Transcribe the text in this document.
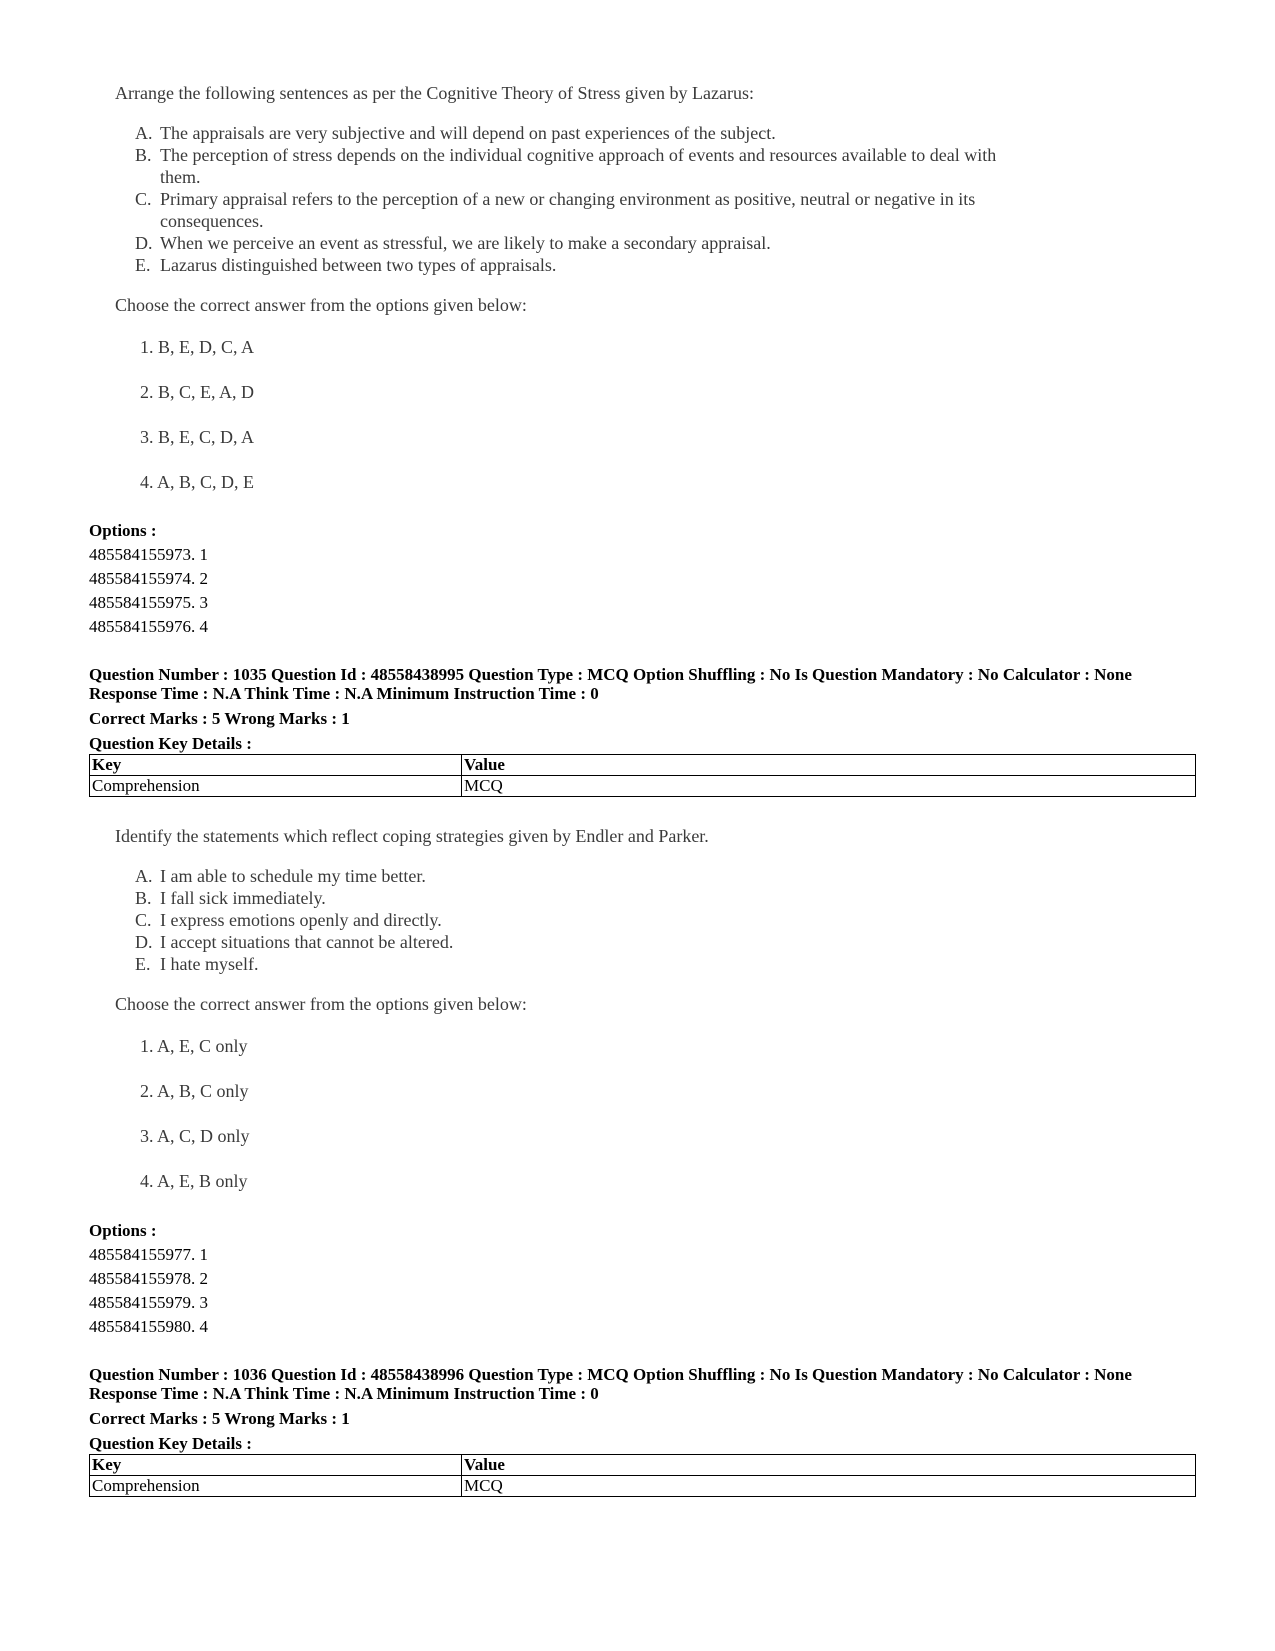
Arrange the following sentences as per the Cognitive Theory of Stress given by Lazarus:
A. The appraisals are very subjective and will depend on past experiences of the subject.
B. The perception of stress depends on the individual cognitive approach of events and resources available to deal with them.
C. Primary appraisal refers to the perception of a new or changing environment as positive, neutral or negative in its consequences.
D. When we perceive an event as stressful, we are likely to make a secondary appraisal.
E. Lazarus distinguished between two types of appraisals.
Choose the correct answer from the options given below:
1. B, E, D, C, A
2. B, C, E, A, D
3. B, E, C, D, A
4. A, B, C, D, E
Options :
485584155973. 1
485584155974. 2
485584155975. 3
485584155976. 4
Question Number : 1035 Question Id : 48558438995 Question Type : MCQ Option Shuffling : No Is Question Mandatory : No Calculator : None
Response Time : N.A Think Time : N.A Minimum Instruction Time : 0
Correct Marks : 5 Wrong Marks : 1
Question Key Details :
Key	Value
Comprehension	MCQ
Identify the statements which reflect coping strategies given by Endler and Parker.
A. I am able to schedule my time better.
B. I fall sick immediately.
C. I express emotions openly and directly.
D. I accept situations that cannot be altered.
E. I hate myself.
Choose the correct answer from the options given below:
1. A, E, C only
2. A, B, C only
3. A, C, D only
4. A, E, B only
Options :
485584155977. 1
485584155978. 2
485584155979. 3
485584155980. 4
Question Number : 1036 Question Id : 48558438996 Question Type : MCQ Option Shuffling : No Is Question Mandatory : No Calculator : None
Response Time : N.A Think Time : N.A Minimum Instruction Time : 0
Correct Marks : 5 Wrong Marks : 1
Question Key Details :
Key	Value
Comprehension	MCQ
